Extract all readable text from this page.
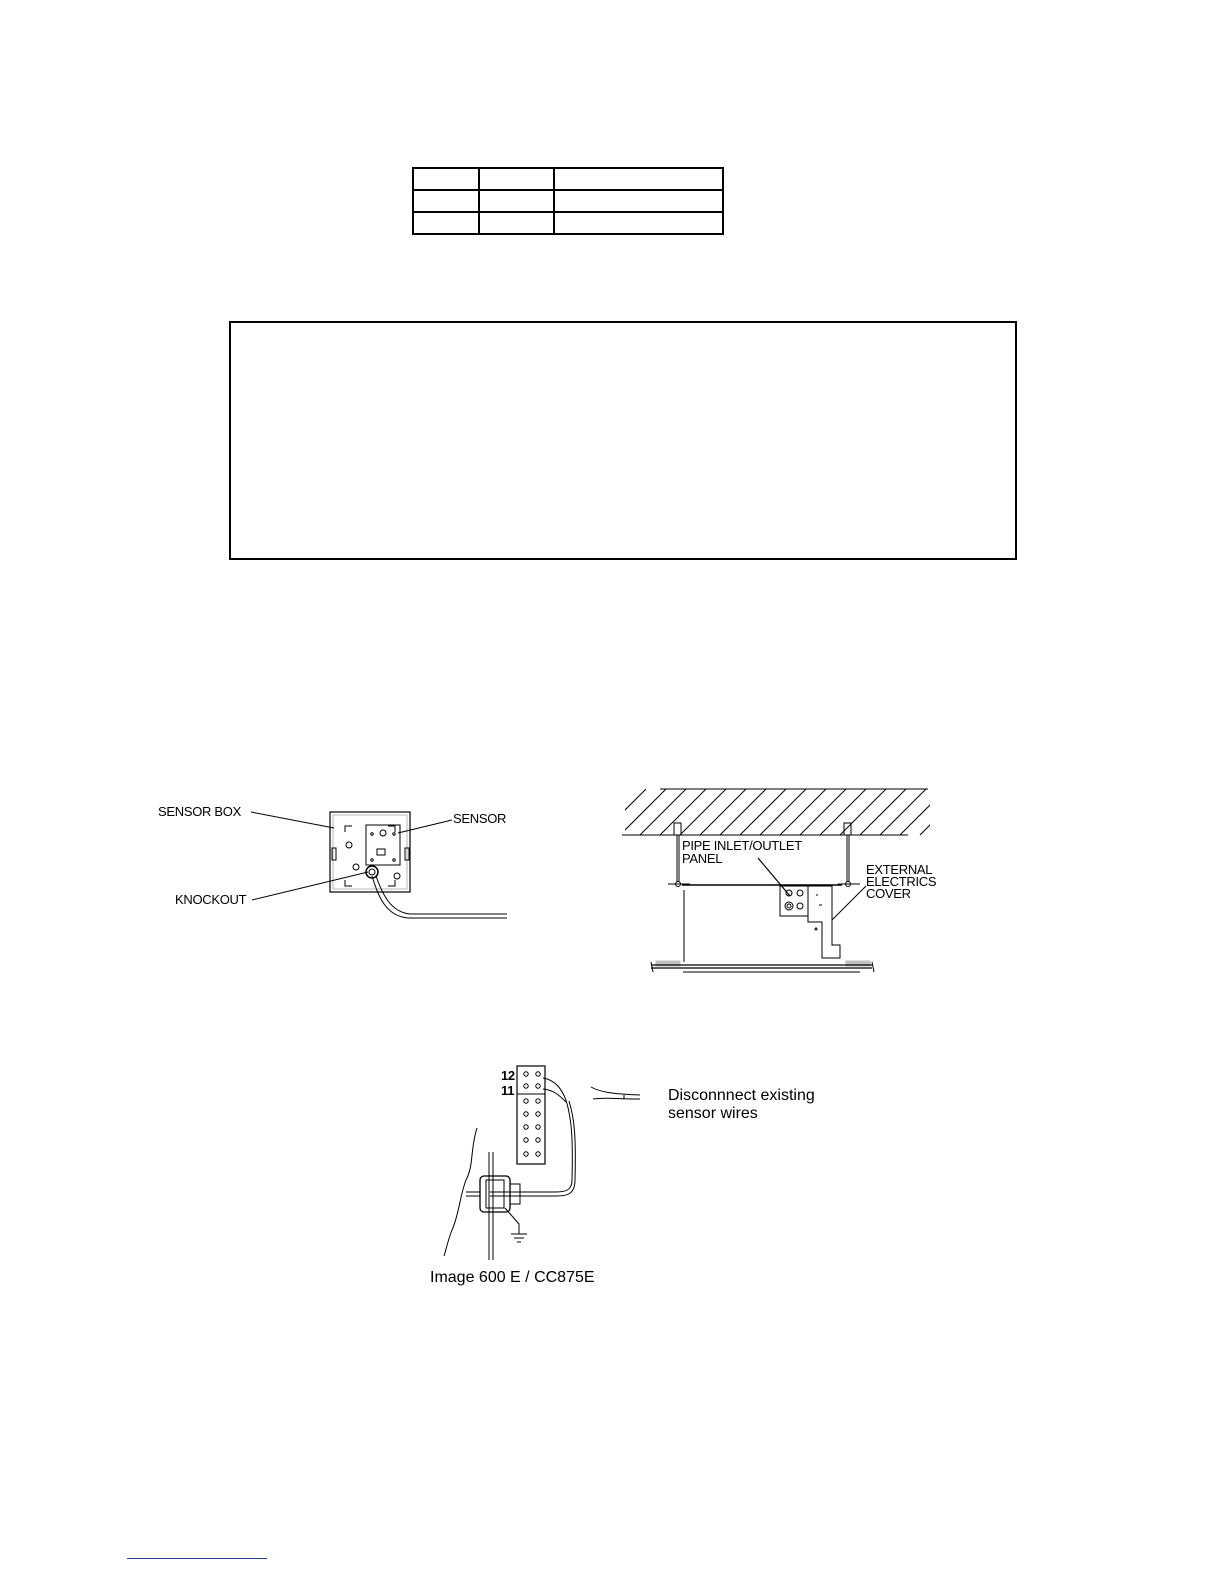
SENSOR BOX	SENSOR
KNOCKOUT
PIPE INLET/OUTLET
PANEL
EXTERNAL
ELECTRICS
COVER
12
11	Disconnnect existing
sensor wires
Image 600 E / CC875E
